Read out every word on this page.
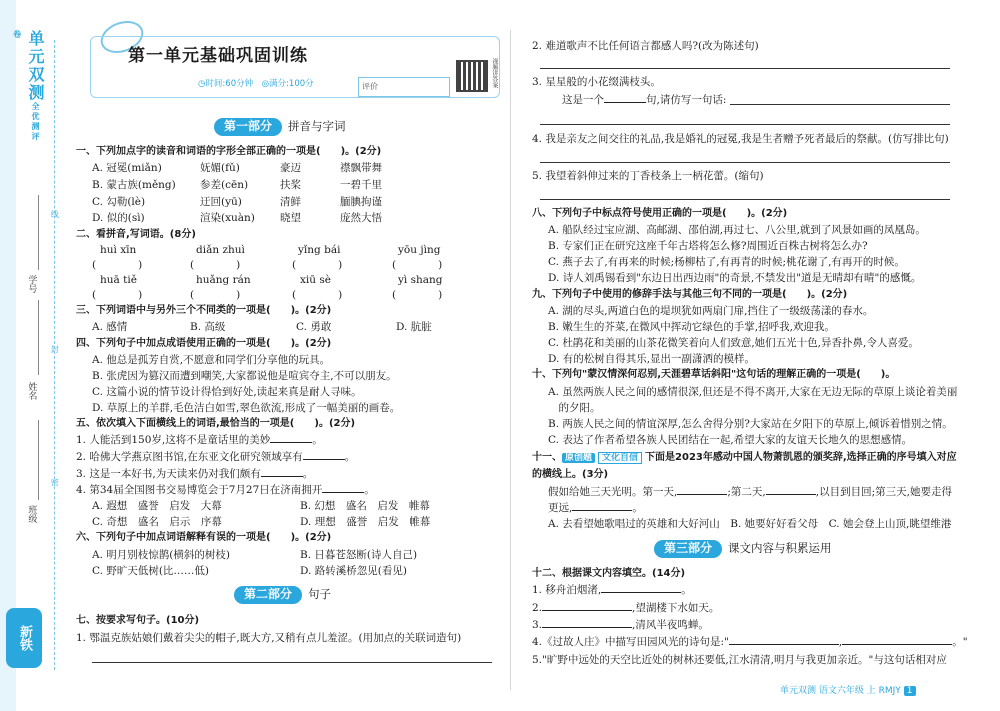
单元双测全优测评卷
学号
姓名
班级
线
封
密
新铁
第一单元基础巩固训练
◷时间:60分钟　 ◎满分:100分	评价	视频讲答案
第一部分	拼音与字词
一、下列加点字的读音和词语的字形全部正确的一项是(　　)。(2分)
A. 冠冕(miǎn)	妩媚(fǔ)	豪迈	襟飘带舞
B. 蒙古族(měng) 参差(cēn)	扶桨	一碧千里
C. 勾勒(lè)	迂回(yū)	清鲜	腼腆拘谨
D. 似的(sì)	渲染(xuàn) 晓望	庞然大悟
二、看拼音,写词语。(8分)
huì xīn	diǎn zhuì	yǐng bái	yōu jìng
(　　　　)	(　　　　)	(　　　　)	(　　　　)
huā tiě	huǎng rán	xiū sè	yì shang
(　　　　)	(　　　　)	(　　　　)	(　　　　)
三、下列词语中与另外三个不同类的一项是(　　)。(2分)
A. 感情	B. 高级	C. 勇敢	D. 肮脏
四、下列句子中加点成语使用正确的一项是(　　)。(2分)
A. 他总是孤芳自赏,不愿意和同学们分享他的玩具。
B. 张虎因为篡汉而遭到嘲笑,大家都说他是喧宾夺主,不可以朋友。
C. 这篇小说的情节设计得恰到好处,读起来真是耐人寻味。
D. 草原上的羊群,毛色洁白如雪,翠色欲流,形成了一幅美丽的画卷。
五、依次填入下面横线上的词语,最恰当的一项是(　　)。(2分)
1. 人能活到150岁,这将不是童话里的美妙	。
2. 哈佛大学燕京图书馆,在东亚文化研究领域享有	。
3. 这是一本好书,为天读来仍对我们颇有	。
4. 第34届全国图书交易博览会于7月27日在济南拥开	。
A. 遐想　盛誉　启发　大幕	B. 幻想　盛名　启发　帷幕
C. 奇想　盛名　启示　序幕	D. 理想　盛誉　启发　帷幕
六、下列句子中加点词语解释有误的一项是(　　)。(2分)
A. 明月别枝惊鹊(横斜的树枝)	B. 日暮苍怒断(诗人自己)
C. 野旷天低树(比……低)	D. 路转溪桥忽见(看见)
第二部分	句子
七、按要求写句子。(10分)
1. 鄂温克族姑娘们戴着尖尖的帽子,既大方,又稍有点儿羞涩。(用加点的关联词造句)
2. 难道歌声不比任何语言都感人吗?(改为陈述句)
3. 星星般的小花缀满枝头。
这是一个	句,请仿写一句话:
4. 我是亲友之间交往的礼品,我是婚礼的冠冕,我是生者赠予死者最后的祭献。(仿写排比句)
5. 我望着斜伸过来的丁香枝条上一柄花蕾。(缩句)
八、下列句子中标点符号使用正确的一项是(　　)。(2分)
A. 船队经过宝应湖、高邮湖、邵伯湖,再过七、八公里,就到了风景如画的凤凰岛。
B. 专家们正在研究这座千年古塔将怎么修?周围近百株古树将怎么办?
C. 燕子去了,有再来的时候;杨柳枯了,有再青的时候;桃花谢了,有再开的时候。
D. 诗人刘禹锡看到"东边日出西边雨"的奇景,不禁发出"道是无晴却有晴"的感慨。
九、下列句子中使用的修辞手法与其他三句不同的一项是(　　)。(2分)
A. 湖的尽头,两道白色的堤坝犹如两扇门扉,挡住了一级级荡漾的春水。
B. 嫩生生的芥菜,在微风中挥动它绿色的手掌,招呼我,欢迎我。
C. 杜鹃花和美丽的山茶花微笑着向人们致意,她们五光十色,异香扑鼻,令人喜爱。
D. 有的松树自得其乐,显出一副潇洒的模样。
十、下列句"蒙汉情深何忍别,天涯碧草话斜阳"这句话的理解正确的一项是(　　)。
A. 虽然两族人民之间的感情很深,但还是不得不离开,大家在无边无际的草原上谈论着美丽
　的夕阳。
B. 两族人民之间的情谊深厚,怎么舍得分别?大家站在夕阳下的草原上,倾诉着惜别之情。
C. 表达了作者希望各族人民团结在一起,希望大家的友谊天长地久的思想感情。
十一、 原创题 文化自信 下面是2023年感动中国人物萧凯恩的颁奖辞,选择正确的序号填入对应
的横线上。(3分)
假如给她三天光明。第一天,	;第二天,	,以目到目回;第三天,她要走得
更远,	。
A. 去看望她歌唱过的英雄和大好河山　B. 她要好好看父母　C. 她会登上山顶,眺望维港
第三部分	课文内容与积累运用
十二、根据课文内容填空。(14分)
1. 移舟泊烟渚,	。
2.	,望湖楼下水如天。
3.	,清风半夜鸣蝉。
4.《过故人庄》中描写田园风光的诗句是:"	,	。"
5."旷野中远处的天空比近处的树林还要低,江水清清,明月与我更加亲近。"与这句话相对应
单元双测 语文六年级 上 RMJY 1
